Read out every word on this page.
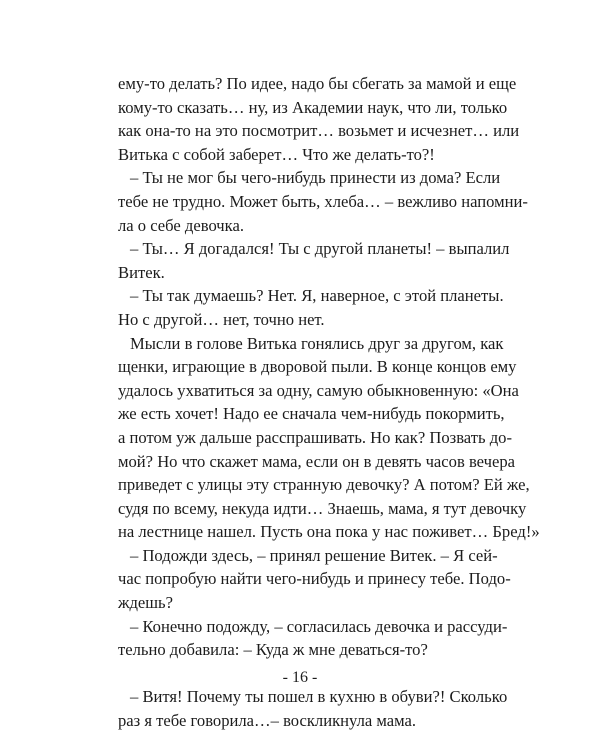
ему-то делать? По идее, надо бы сбегать за мамой и еще
кому-то сказать… ну, из Академии наук, что ли, только
как она-то на это посмотрит… возьмет и исчезнет… или
Витька с собой заберет… Что же делать-то?!
– Ты не мог бы чего-нибудь принести из дома? Если
тебе не трудно. Может быть, хлеба… – вежливо напомни-
ла о себе девочка.
– Ты… Я догадался! Ты с другой планеты! – выпалил
Витек.
– Ты так думаешь? Нет. Я, наверное, с этой планеты.
Но с другой… нет, точно нет.
Мысли в голове Витька гонялись друг за другом, как
щенки, играющие в дворовой пыли. В конце концов ему
удалось ухватиться за одну, самую обыкновенную: «Она
же есть хочет! Надо ее сначала чем-нибудь покормить,
а потом уж дальше расспрашивать. Но как? Позвать до-
мой? Но что скажет мама, если он в девять часов вечера
приведет с улицы эту странную девочку? А потом? Ей же,
судя по всему, некуда идти… Знаешь, мама, я тут девочку
на лестнице нашел. Пусть она пока у нас поживет… Бред!»
– Подожди здесь, – принял решение Витек. – Я сей-
час попробую найти чего-нибудь и принесу тебе. Подо-
ждешь?
– Конечно подожду, – согласилась девочка и рассуди-
тельно добавила: – Куда ж мне деваться-то?
– Витя! Почему ты пошел в кухню в обуви?! Сколько
раз я тебе говорила…– воскликнула мама.
- 16 -
